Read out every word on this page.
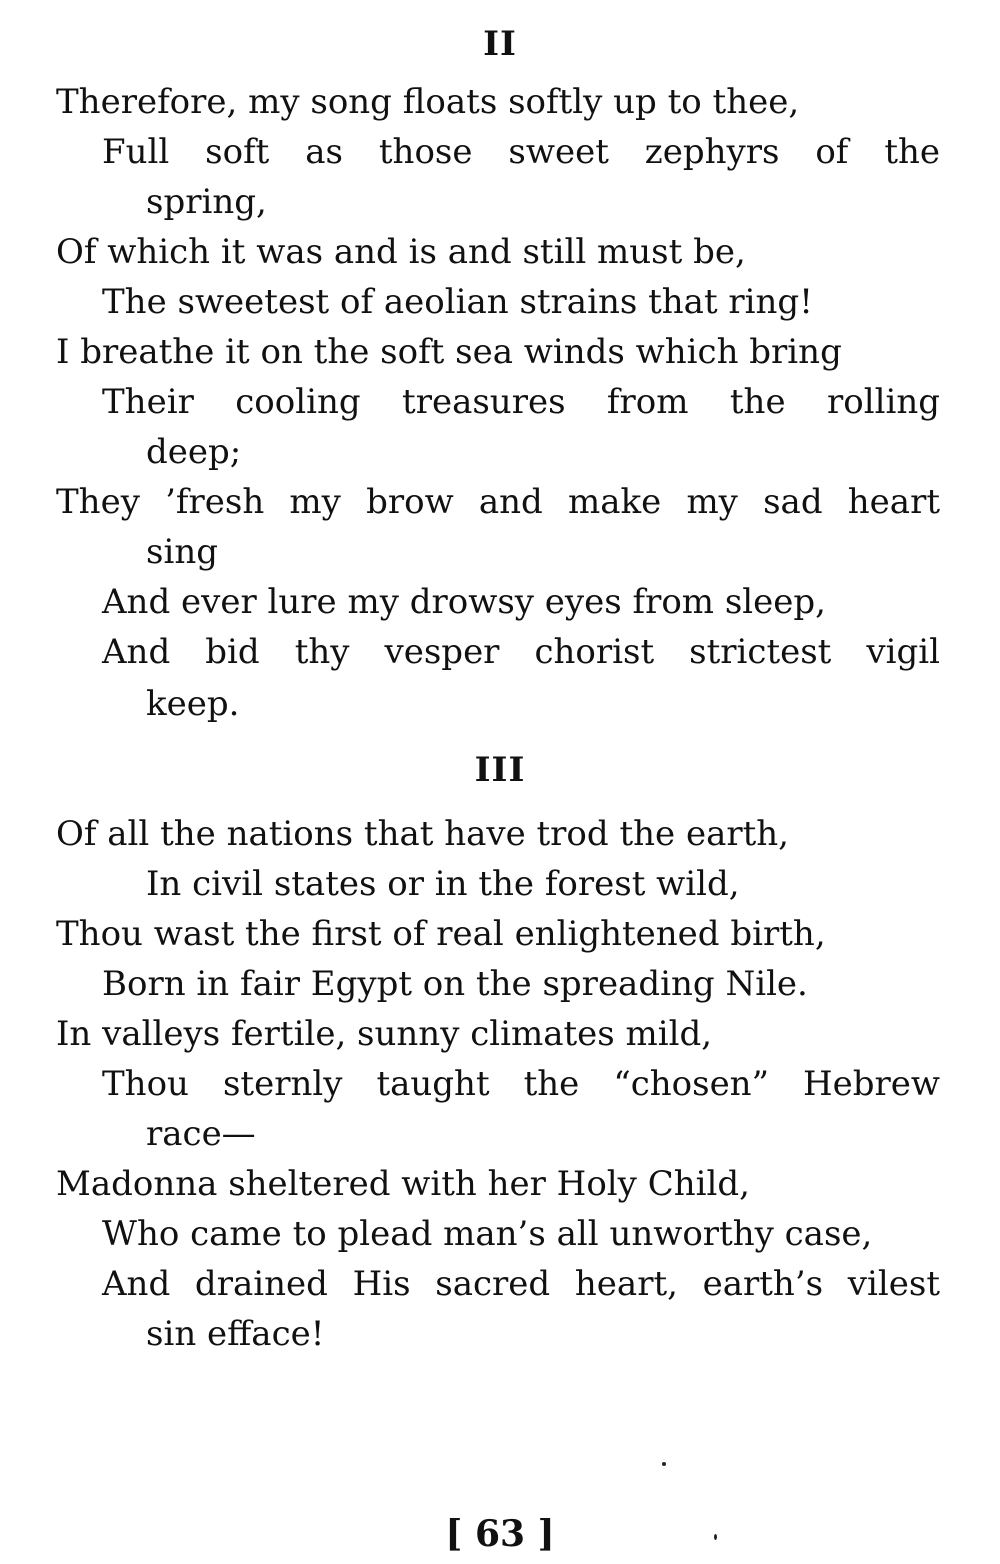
II
Therefore, my song floats softly up to thee,
Full soft as those sweet zephyrs of the
spring,
Of which it was and is and still must be,
The sweetest of aeolian strains that ring!
I breathe it on the soft sea winds which bring
Their cooling treasures from the rolling
deep;
They ’fresh my brow and make my sad heart
sing
And ever lure my drowsy eyes from sleep,
And bid thy vesper chorist strictest vigil
keep.
III
Of all the nations that have trod the earth,
In civil states or in the forest wild,
Thou wast the first of real enlightened birth,
Born in fair Egypt on the spreading Nile.
In valleys fertile, sunny climates mild,
Thou sternly taught the “chosen” Hebrew
race—
Madonna sheltered with her Holy Child,
Who came to plead man’s all unworthy case,
And drained His sacred heart, earth’s vilest
sin efface!
[ 63 ]
